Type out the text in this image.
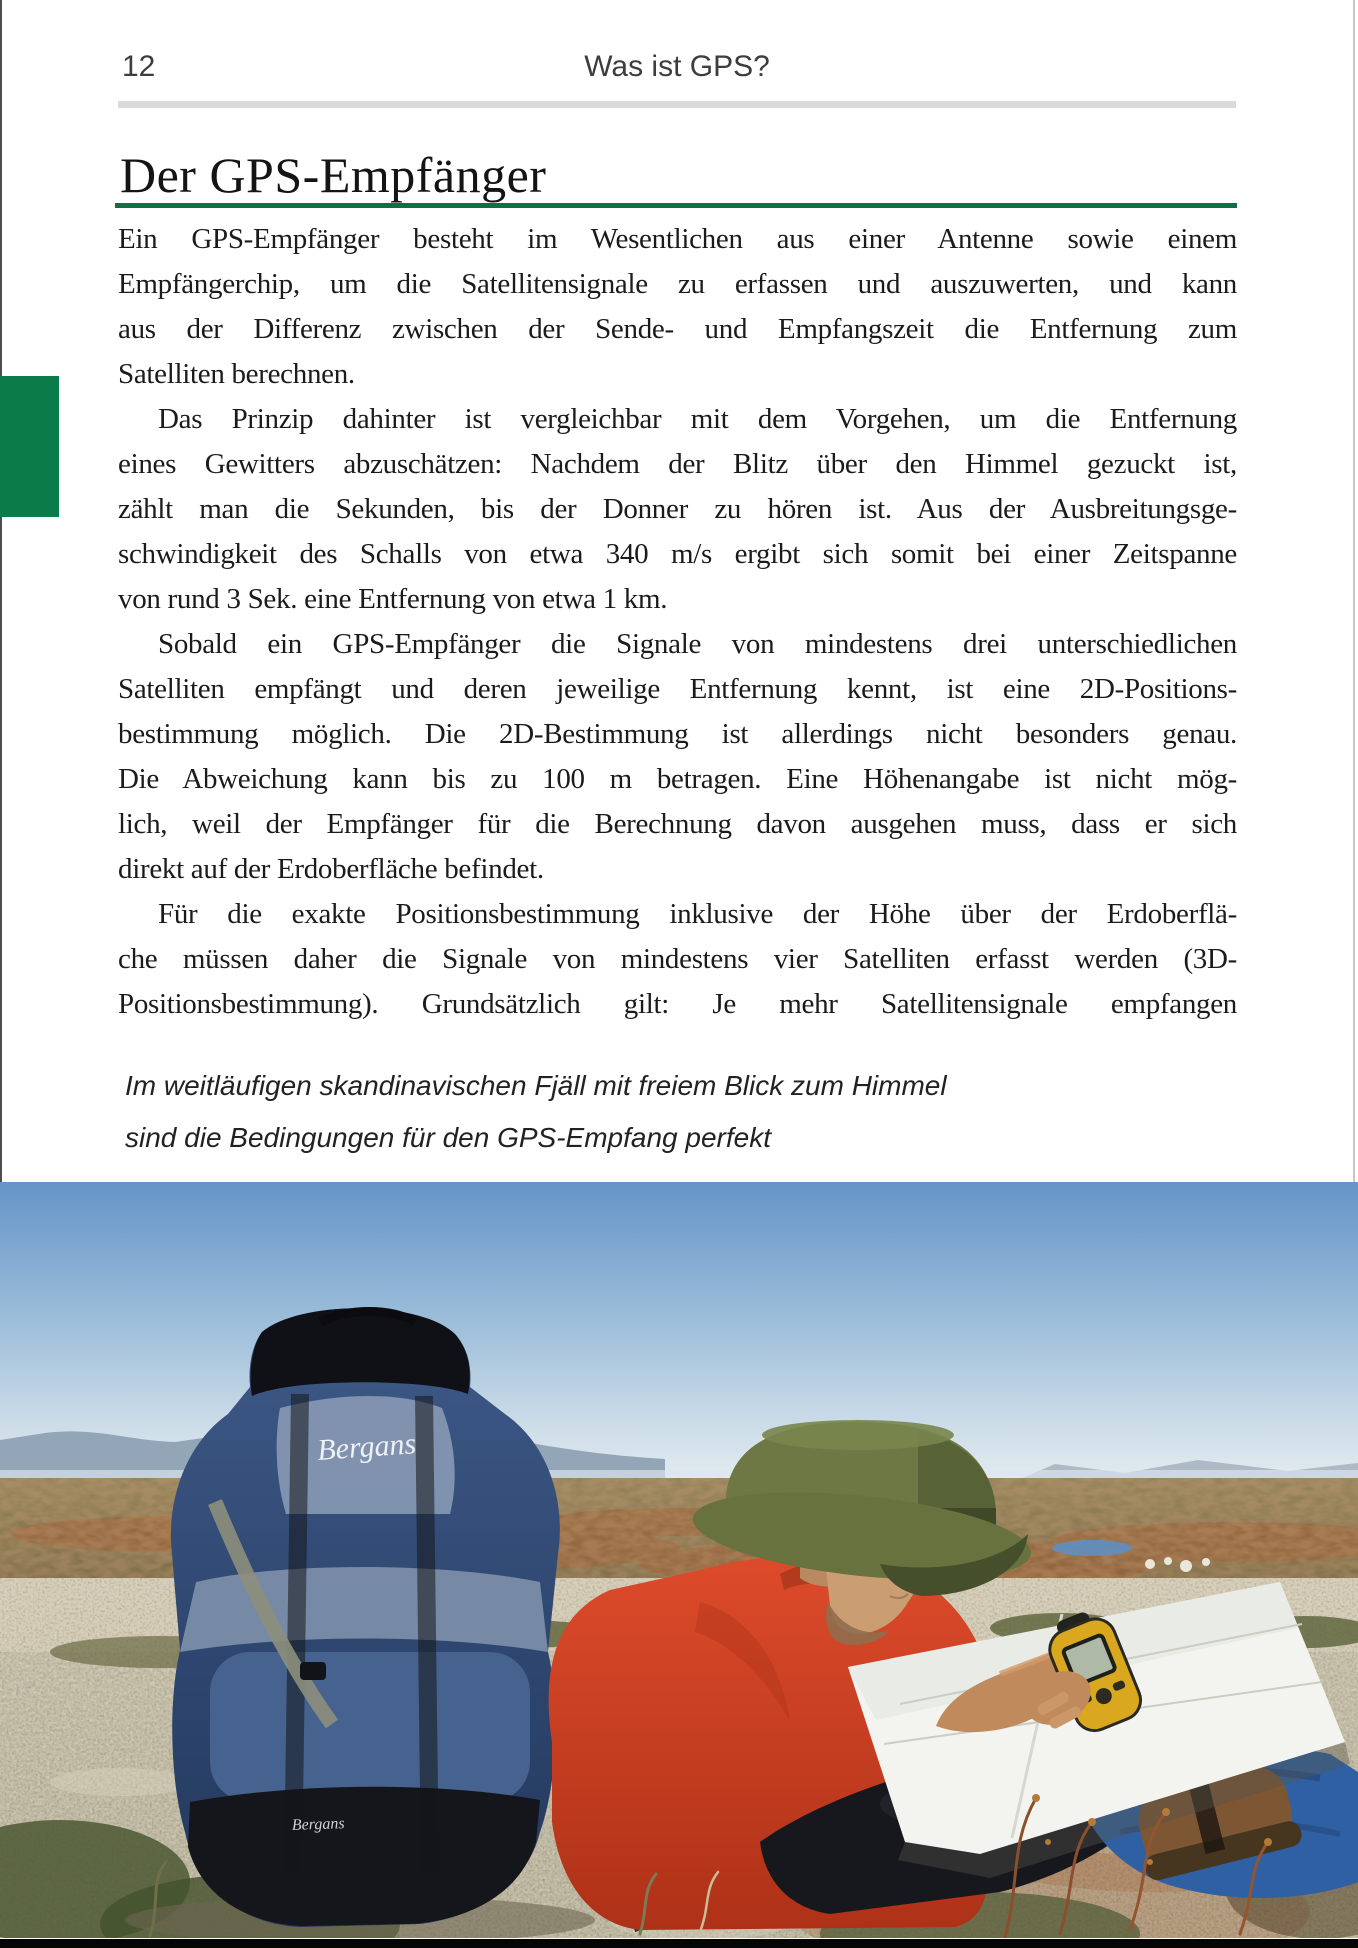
12	Was ist GPS?
Der GPS-Empfänger
Ein GPS-Empfänger besteht im Wesentlichen aus einer Antenne sowie einem
Empfängerchip, um die Satellitensignale zu erfassen und auszuwerten, und kann
aus der Differenz zwischen der Sende- und Empfangszeit die Entfernung zum
Satelliten berechnen.
Das Prinzip dahinter ist vergleichbar mit dem Vorgehen, um die Entfernung
eines Gewitters abzuschätzen: Nachdem der Blitz über den Himmel gezuckt ist,
zählt man die Sekunden, bis der Donner zu hören ist. Aus der Ausbreitungsge-
schwindigkeit des Schalls von etwa 340 m/s ergibt sich somit bei einer Zeitspanne
von rund 3 Sek. eine Entfernung von etwa 1 km.
Sobald ein GPS-Empfänger die Signale von mindestens drei unterschiedlichen
Satelliten empfängt und deren jeweilige Entfernung kennt, ist eine 2D-Positions-
bestimmung möglich. Die 2D-Bestimmung ist allerdings nicht besonders genau.
Die Abweichung kann bis zu 100 m betragen. Eine Höhenangabe ist nicht mög-
lich, weil der Empfänger für die Berechnung davon ausgehen muss, dass er sich
direkt auf der Erdoberfläche befindet.
Für die exakte Positionsbestimmung inklusive der Höhe über der Erdoberflä-
che müssen daher die Signale von mindestens vier Satelliten erfasst werden (3D-
Positionsbestimmung). Grundsätzlich gilt: Je mehr Satellitensignale empfangen
Im weitläufigen skandinavischen Fjäll mit freiem Blick zum Himmel
sind die Bedingungen für den GPS-Empfang perfekt
Bergans
Bergans
